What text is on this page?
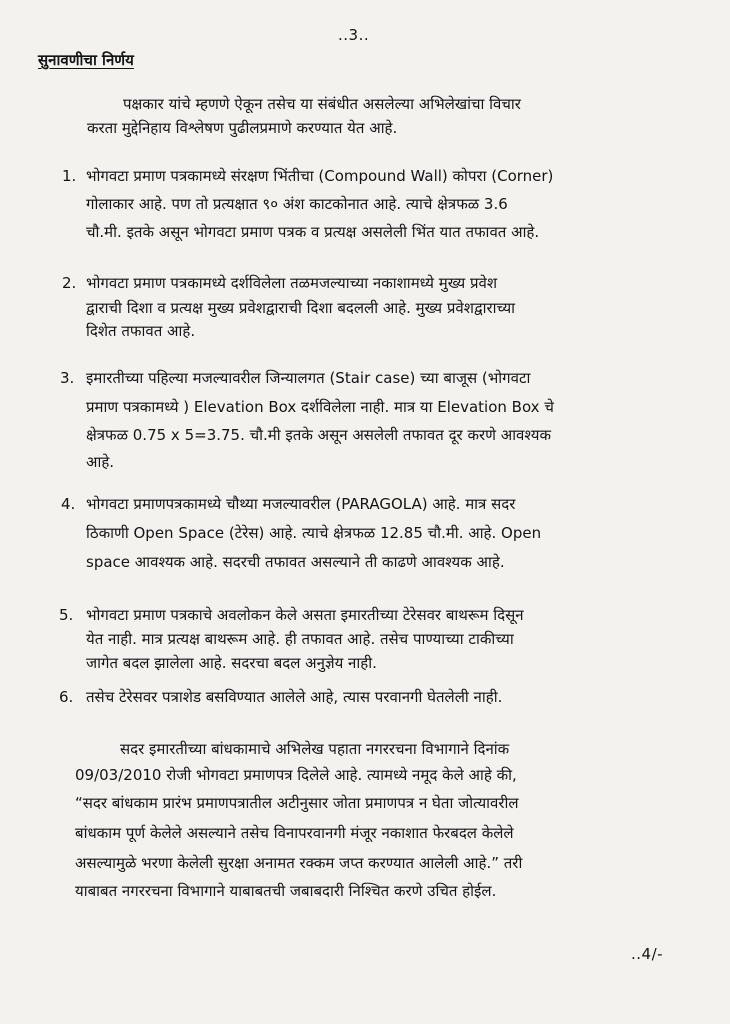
..3..
सुनावणीचा निर्णय
पक्षकार यांचे म्हणणे ऐकून तसेच या संबंधीत असलेल्या अभिलेखांचा विचार
करता मुद्देनिहाय विश्लेषण पुढीलप्रमाणे करण्यात येत आहे.
1. भोगवटा प्रमाण पत्रकामध्ये संरक्षण भिंतीचा (Compound Wall) कोपरा (Corner)
गोलाकार आहे. पण तो प्रत्यक्षात ९० अंश काटकोनात आहे. त्याचे क्षेत्रफळ 3.6
चौ.मी. इतके असून भोगवटा प्रमाण पत्रक व प्रत्यक्ष असलेली भिंत यात तफावत आहे.
2. भोगवटा प्रमाण पत्रकामध्ये दर्शविलेला तळमजल्याच्या नकाशामध्ये मुख्य प्रवेश
द्वाराची दिशा व प्रत्यक्ष मुख्य प्रवेशद्वाराची दिशा बदलली आहे. मुख्य प्रवेशद्वाराच्या
दिशेत तफावत आहे.
3. इमारतीच्या पहिल्या मजल्यावरील जिन्यालगत (Stair case) च्या बाजूस (भोगवटा
प्रमाण पत्रकामध्ये ) Elevation Box दर्शविलेला नाही. मात्र या Elevation Box चे
क्षेत्रफळ 0.75 x 5=3.75. चौ.मी इतके असून असलेली तफावत दूर करणे आवश्यक
आहे.
4. भोगवटा प्रमाणपत्रकामध्ये चौथ्या मजल्यावरील (PARAGOLA) आहे. मात्र सदर
ठिकाणी Open Space (टेरेस) आहे. त्याचे क्षेत्रफळ 12.85 चौ.मी. आहे. Open
space आवश्यक आहे. सदरची तफावत असल्याने ती काढणे आवश्यक आहे.
5. भोगवटा प्रमाण पत्रकाचे अवलोकन केले असता इमारतीच्या टेरेसवर बाथरूम दिसून
येत नाही. मात्र प्रत्यक्ष बाथरूम आहे. ही तफावत आहे. तसेच पाण्याच्या टाकीच्या
जागेत बदल झालेला आहे. सदरचा बदल अनुज्ञेय नाही.
6. तसेच टेरेसवर पत्राशेड बसविण्यात आलेले आहे, त्यास परवानगी घेतलेली नाही.
सदर इमारतीच्या बांधकामाचे अभिलेख पहाता नगररचना विभागाने दिनांक
09/03/2010 रोजी भोगवटा प्रमाणपत्र दिलेले आहे. त्यामध्ये नमूद केले आहे की,
“सदर बांधकाम प्रारंभ प्रमाणपत्रातील अटीनुसार जोता प्रमाणपत्र न घेता जोत्यावरील
बांधकाम पूर्ण केलेले असल्याने तसेच विनापरवानगी मंजूर नकाशात फेरबदल केलेले
असल्यामुळे भरणा केलेली सुरक्षा अनामत रक्कम जप्त करण्यात आलेली आहे.” तरी
याबाबत नगररचना विभागाने याबाबतची जबाबदारी निश्चित करणे उचित होईल.
..4/-
